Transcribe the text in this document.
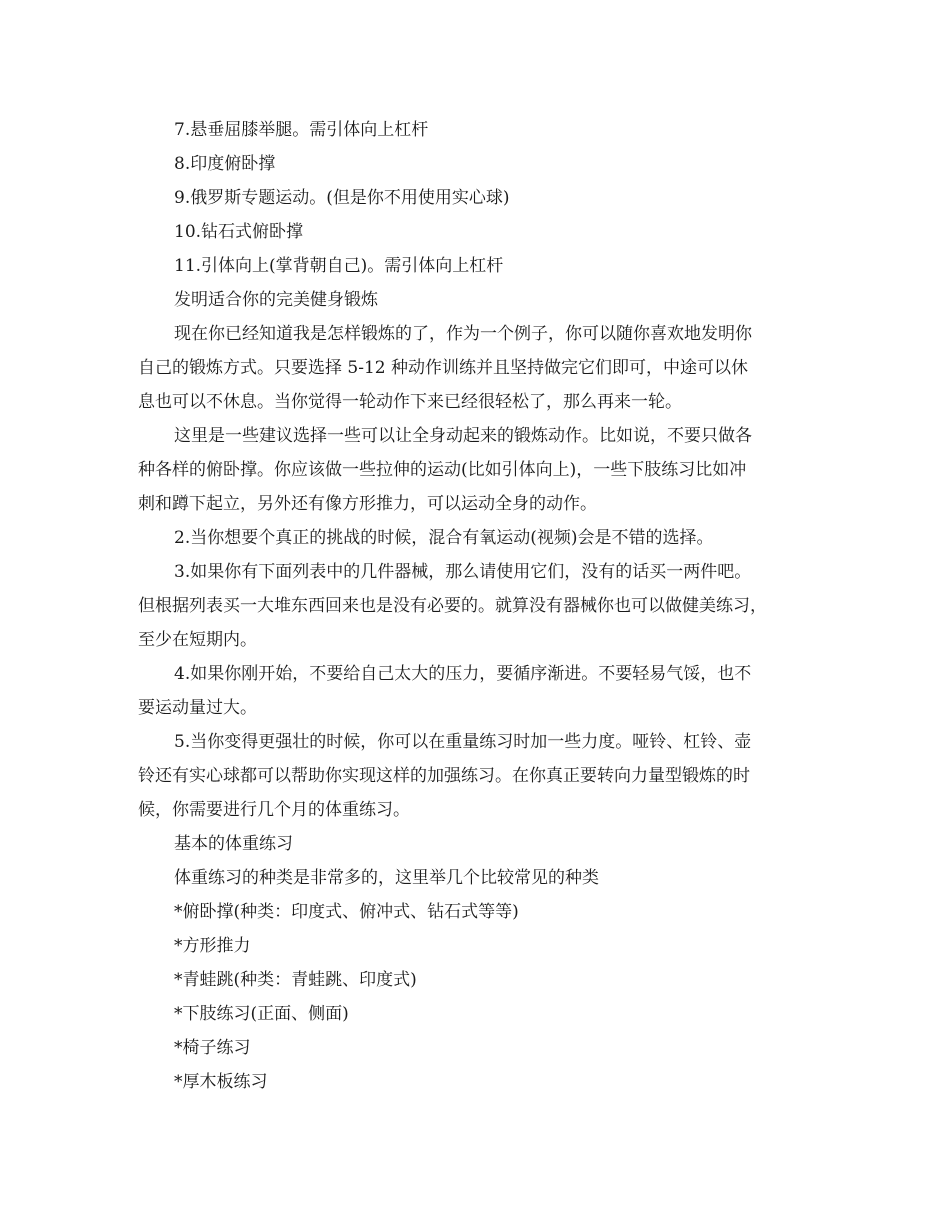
7.悬垂屈膝举腿。需引体向上杠杆
8.印度俯卧撑
9.俄罗斯专题运动。(但是你不用使用实心球)
10.钻石式俯卧撑
11.引体向上(掌背朝自己)。需引体向上杠杆
发明适合你的完美健身锻炼
现在你已经知道我是怎样锻炼的了，作为一个例子，你可以随你喜欢地发明你
自己的锻炼方式。只要选择 5-12 种动作训练并且坚持做完它们即可，中途可以休
息也可以不休息。当你觉得一轮动作下来已经很轻松了，那么再来一轮。
这里是一些建议选择一些可以让全身动起来的锻炼动作。比如说，不要只做各
种各样的俯卧撑。你应该做一些拉伸的运动(比如引体向上)，一些下肢练习比如冲
刺和蹲下起立，另外还有像方形推力，可以运动全身的动作。
2.当你想要个真正的挑战的时候，混合有氧运动(视频)会是不错的选择。
3.如果你有下面列表中的几件器械，那么请使用它们，没有的话买一两件吧。
但根据列表买一大堆东西回来也是没有必要的。就算没有器械你也可以做健美练习，
至少在短期内。
4.如果你刚开始，不要给自己太大的压力，要循序渐进。不要轻易气馁，也不
要运动量过大。
5.当你变得更强壮的时候，你可以在重量练习时加一些力度。哑铃、杠铃、壶
铃还有实心球都可以帮助你实现这样的加强练习。在你真正要转向力量型锻炼的时
候，你需要进行几个月的体重练习。
基本的体重练习
体重练习的种类是非常多的，这里举几个比较常见的种类
*俯卧撑(种类：印度式、俯冲式、钻石式等等)
*方形推力
*青蛙跳(种类：青蛙跳、印度式)
*下肢练习(正面、侧面)
*椅子练习
*厚木板练习
